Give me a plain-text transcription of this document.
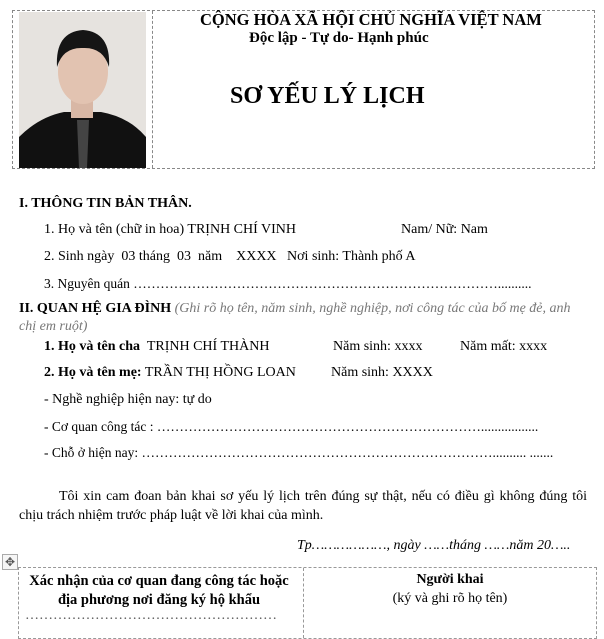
CỘNG HÒA XÃ HỘI CHỦ NGHĨA VIỆT NAM
Độc lập - Tự do- Hạnh phúc
SƠ YẾU LÝ LỊCH
I. THÔNG TIN BẢN THÂN.
1. Họ và tên (chữ in hoa) TRỊNH CHÍ VINH	Nam/ Nữ: Nam
2. Sinh ngày  03 tháng  03  năm    XXXX   Nơi sinh: Thành phố A
3. Nguyên quán ………………………………………………………………………..........
II. QUAN HỆ GIA ĐÌNH (Ghi rõ họ tên, năm sinh, nghề nghiệp, nơi công tác của bố mẹ đẻ, anh chị em ruột)
1. Họ và tên cha TRỊNH CHÍ THÀNH	Năm sinh: xxxx	Năm mất: xxxx
2. Họ và tên mẹ: TRẦN THỊ HỒNG LOAN	Năm sinh: XXXX
- Nghề nghiệp hiện nay: tự do
- Cơ quan công tác : ……………………………………………………………….................
- Chỗ ở hiện nay: …………………………………………………………………….......... .......
Tôi xin cam đoan bản khai sơ yếu lý lịch trên đúng sự thật, nếu có điều gì không đúng tôi chịu trách nhiệm trước pháp luật về lời khai của mình.
Tp………………, ngày ……tháng ……năm 20…..
✥
Xác nhận của cơ quan đang công tác hoặc địa phương nơi đăng ký hộ khẩu
………………………………………………
Người khai
(ký và ghi rõ họ tên)
